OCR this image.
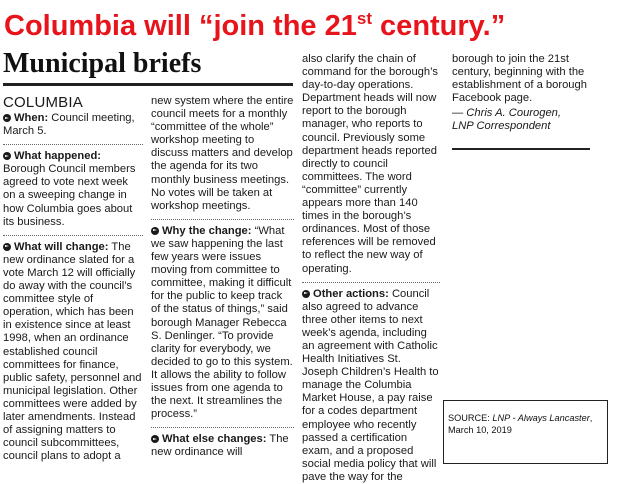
Columbia will “join the 21st century.”
Municipal briefs

COLUMBIA

When: Council meeting, March 5.

What happened: Borough Council members agreed to vote next week on a sweeping change in how Columbia goes about its business.

What will change: The new ordinance slated for a vote March 12 will officially do away with the council’s committee style of operation, which has been in existence since at least 1998, when an ordinance established council committees for finance, public safety, personnel and municipal legislation. Other committees were added by later amendments. Instead of assigning matters to council subcommittees, council plans to adopt a

new system where the entire council meets for a monthly “committee of the whole” workshop meeting to discuss matters and develop the agenda for its two monthly business meetings. No votes will be taken at workshop meetings.

Why the change: “What we saw happening the last few years were issues moving from committee to committee, making it difficult for the public to keep track of the status of things,” said borough Manager Rebecca S. Denlinger. “To provide clarity for everybody, we decided to go to this system. It allows the ability to follow issues from one agenda to the next. It streamlines the process.”

What else changes: The new ordinance will

also clarify the chain of command for the borough’s day-to-day operations. Department heads will now report to the borough manager, who reports to council. Previously some department heads reported directly to council committees. The word “committee” currently appears more than 140 times in the borough’s ordinances. Most of those references will be removed to reflect the new way of operating.

Other actions: Council also agreed to advance three other items to next week’s agenda, including an agreement with Catholic Health Initiatives St. Joseph Children’s Health to manage the Columbia Market House, a pay raise for a codes department employee who recently passed a certification exam, and a proposed social media policy that will pave the way for the

borough to join the 21st century, beginning with the establishment of a borough Facebook page.

— Chris A. Courogen,
LNP Correspondent

SOURCE: LNP - Always Lancaster, March 10, 2019
